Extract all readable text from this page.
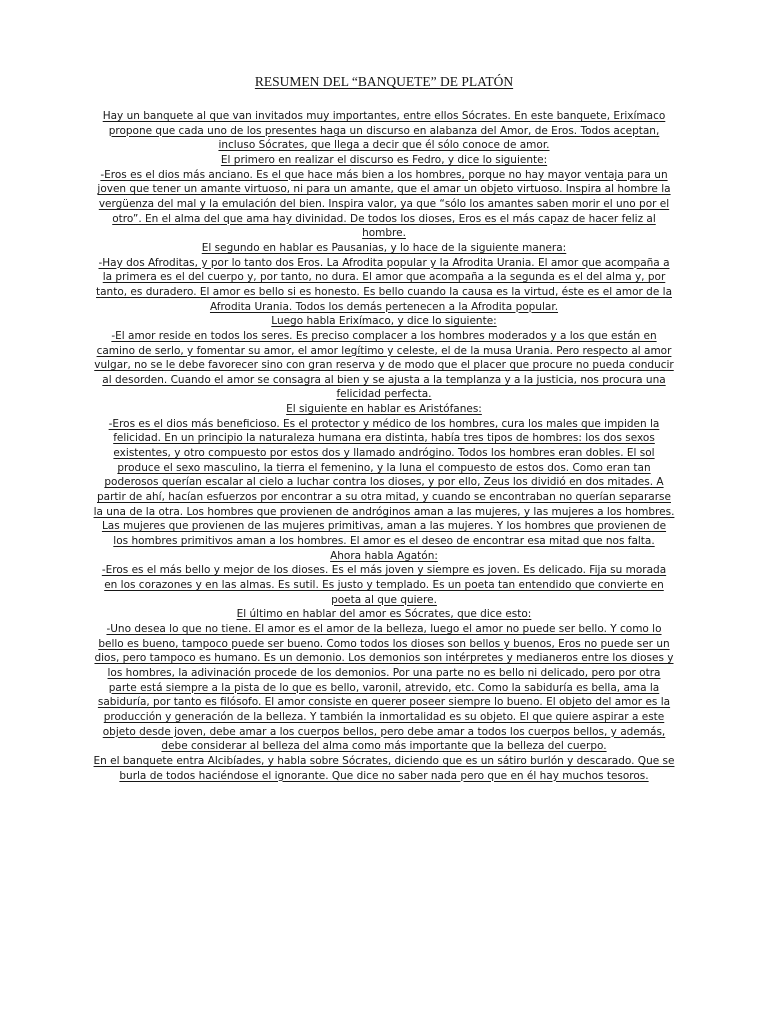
RESUMEN DEL “BANQUETE” DE PLATÓN
Hay un banquete al que van invitados muy importantes, entre ellos Sócrates. En este banquete, Erixímaco
propone que cada uno de los presentes haga un discurso en alabanza del Amor, de Eros. Todos aceptan,
incluso Sócrates, que llega a decir que él sólo conoce de amor.
El primero en realizar el discurso es Fedro, y dice lo siguiente:
-Eros es el dios más anciano. Es el que hace más bien a los hombres, porque no hay mayor ventaja para un
joven que tener un amante virtuoso, ni para un amante, que el amar un objeto virtuoso. Inspira al hombre la
vergüenza del mal y la emulación del bien. Inspira valor, ya que “sólo los amantes saben morir el uno por el
otro”. En el alma del que ama hay divinidad. De todos los dioses, Eros es el más capaz de hacer feliz al
hombre.
El segundo en hablar es Pausanias, y lo hace de la siguiente manera:
-Hay dos Afroditas, y por lo tanto dos Eros. La Afrodita popular y la Afrodita Urania. El amor que acompaña a
la primera es el del cuerpo y, por tanto, no dura. El amor que acompaña a la segunda es el del alma y, por
tanto, es duradero. El amor es bello si es honesto. Es bello cuando la causa es la virtud, éste es el amor de la
Afrodita Urania. Todos los demás pertenecen a la Afrodita popular.
Luego habla Erixímaco, y dice lo siguiente:
-El amor reside en todos los seres. Es preciso complacer a los hombres moderados y a los que están en
camino de serlo, y fomentar su amor, el amor legítimo y celeste, el de la musa Urania. Pero respecto al amor
vulgar, no se le debe favorecer sino con gran reserva y de modo que el placer que procure no pueda conducir
al desorden. Cuando el amor se consagra al bien y se ajusta a la templanza y a la justicia, nos procura una
felicidad perfecta.
El siguiente en hablar es Aristófanes:
-Eros es el dios más beneficioso. Es el protector y médico de los hombres, cura los males que impiden la
felicidad. En un principio la naturaleza humana era distinta, había tres tipos de hombres: los dos sexos
existentes, y otro compuesto por estos dos y llamado andrógino. Todos los hombres eran dobles. El sol
produce el sexo masculino, la tierra el femenino, y la luna el compuesto de estos dos. Como eran tan
poderosos querían escalar al cielo a luchar contra los dioses, y por ello, Zeus los dividió en dos mitades. A
partir de ahí, hacían esfuerzos por encontrar a su otra mitad, y cuando se encontraban no querían separarse
la una de la otra. Los hombres que provienen de andróginos aman a las mujeres, y las mujeres a los hombres.
Las mujeres que provienen de las mujeres primitivas, aman a las mujeres. Y los hombres que provienen de
los hombres primitivos aman a los hombres. El amor es el deseo de encontrar esa mitad que nos falta.
Ahora habla Agatón:
-Eros es el más bello y mejor de los dioses. Es el más joven y siempre es joven. Es delicado. Fija su morada
en los corazones y en las almas. Es sutil. Es justo y templado. Es un poeta tan entendido que convierte en
poeta al que quiere.
El último en hablar del amor es Sócrates, que dice esto:
-Uno desea lo que no tiene. El amor es el amor de la belleza, luego el amor no puede ser bello. Y como lo
bello es bueno, tampoco puede ser bueno. Como todos los dioses son bellos y buenos, Eros no puede ser un
dios, pero tampoco es humano. Es un demonio. Los demonios son intérpretes y medianeros entre los dioses y
los hombres, la adivinación procede de los demonios. Por una parte no es bello ni delicado, pero por otra
parte está siempre a la pista de lo que es bello, varonil, atrevido, etc. Como la sabiduría es bella, ama la
sabiduría, por tanto es filósofo. El amor consiste en querer poseer siempre lo bueno. El objeto del amor es la
producción y generación de la belleza. Y también la inmortalidad es su objeto. El que quiere aspirar a este
objeto desde joven, debe amar a los cuerpos bellos, pero debe amar a todos los cuerpos bellos, y además,
debe considerar al belleza del alma como más importante que la belleza del cuerpo.
En el banquete entra Alcibíades, y habla sobre Sócrates, diciendo que es un sátiro burlón y descarado. Que se
burla de todos haciéndose el ignorante. Que dice no saber nada pero que en él hay muchos tesoros.
